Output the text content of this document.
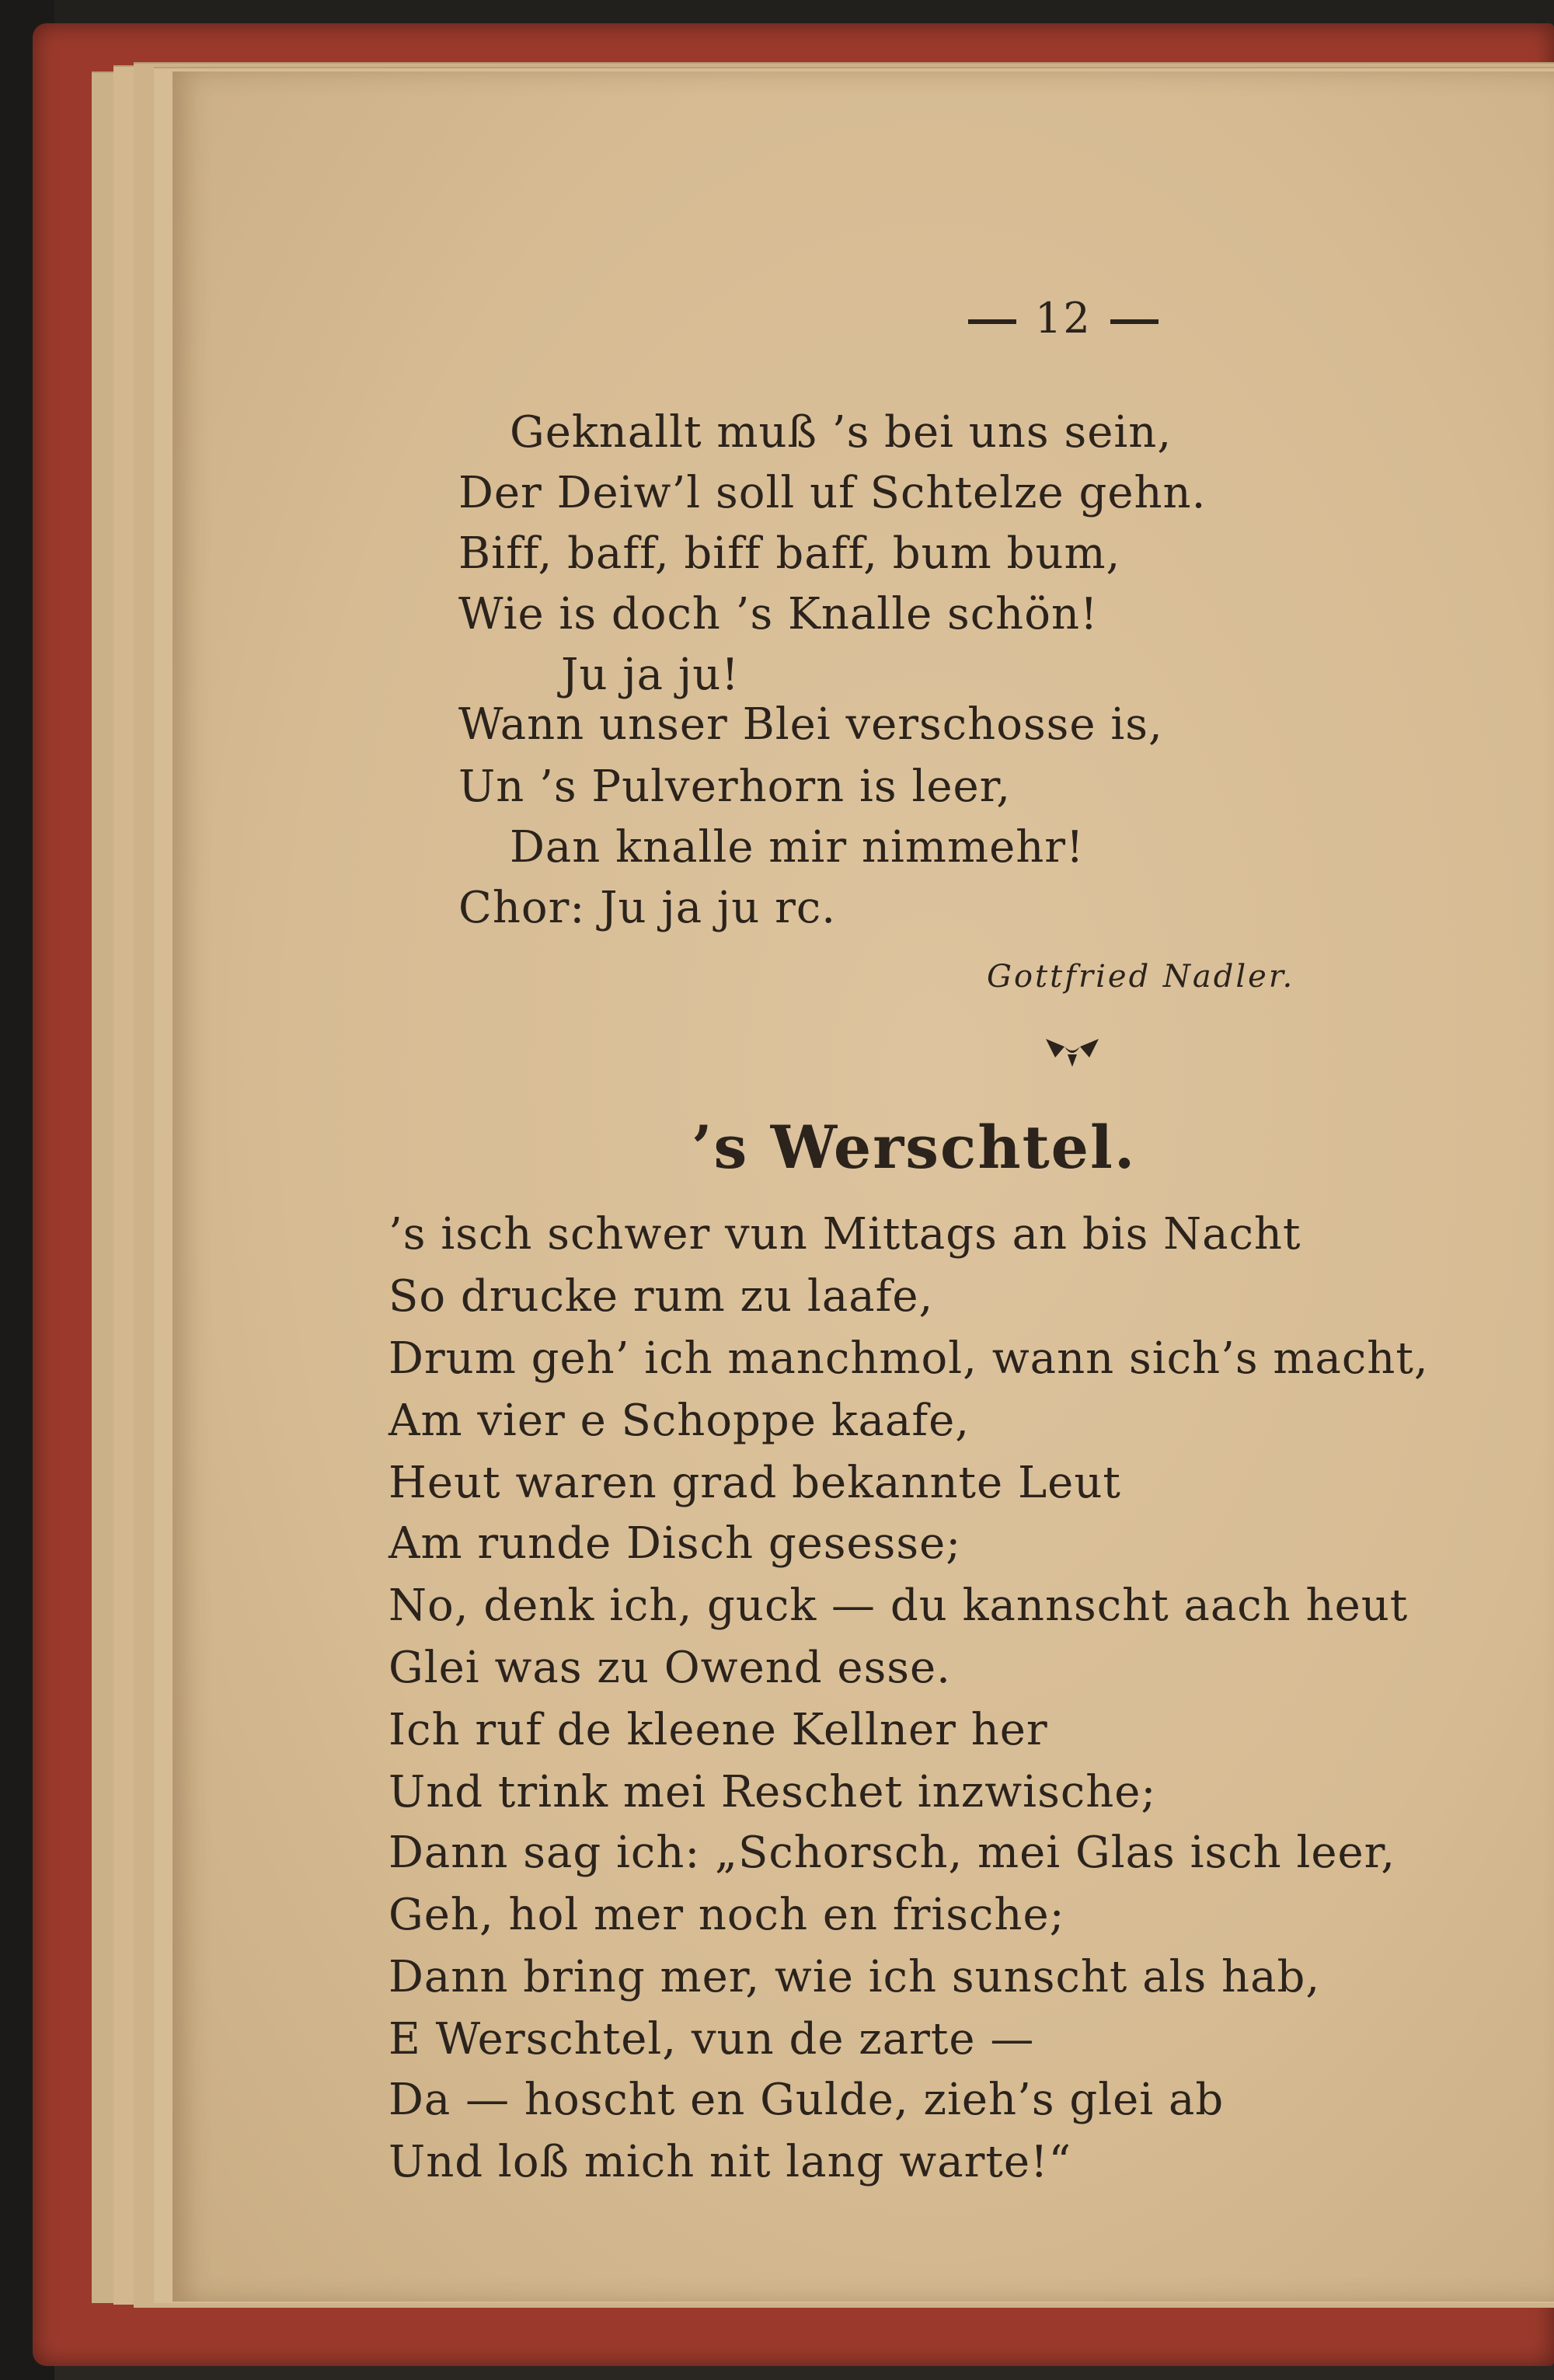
12
Geknallt muß ’s bei uns sein,
Der Deiw’l soll uf Schtelze gehn.
Biff, baff, biff baff, bum bum,
Wie is doch ’s Knalle schön!
Ju ja ju!
Wann unser Blei verschosse is,
Un ’s Pulverhorn is leer,
Dan knalle mir nimmehr!
Chor: Ju ja ju rc.
Gottfried Nadler.
’s Werschtel.
’s isch schwer vun Mittags an bis Nacht
So drucke rum zu laafe,
Drum geh’ ich manchmol, wann sich’s macht,
Am vier e Schoppe kaafe,
Heut waren grad bekannte Leut
Am runde Disch gesesse;
No, denk ich, guck — du kannscht aach heut
Glei was zu Owend esse.
Ich ruf de kleene Kellner her
Und trink mei Reschet inzwische;
Dann sag ich: „Schorsch, mei Glas isch leer,
Geh, hol mer noch en frische;
Dann bring mer, wie ich sunscht als hab,
E Werschtel, vun de zarte —
Da — hoscht en Gulde, zieh’s glei ab
Und loß mich nit lang warte!“
